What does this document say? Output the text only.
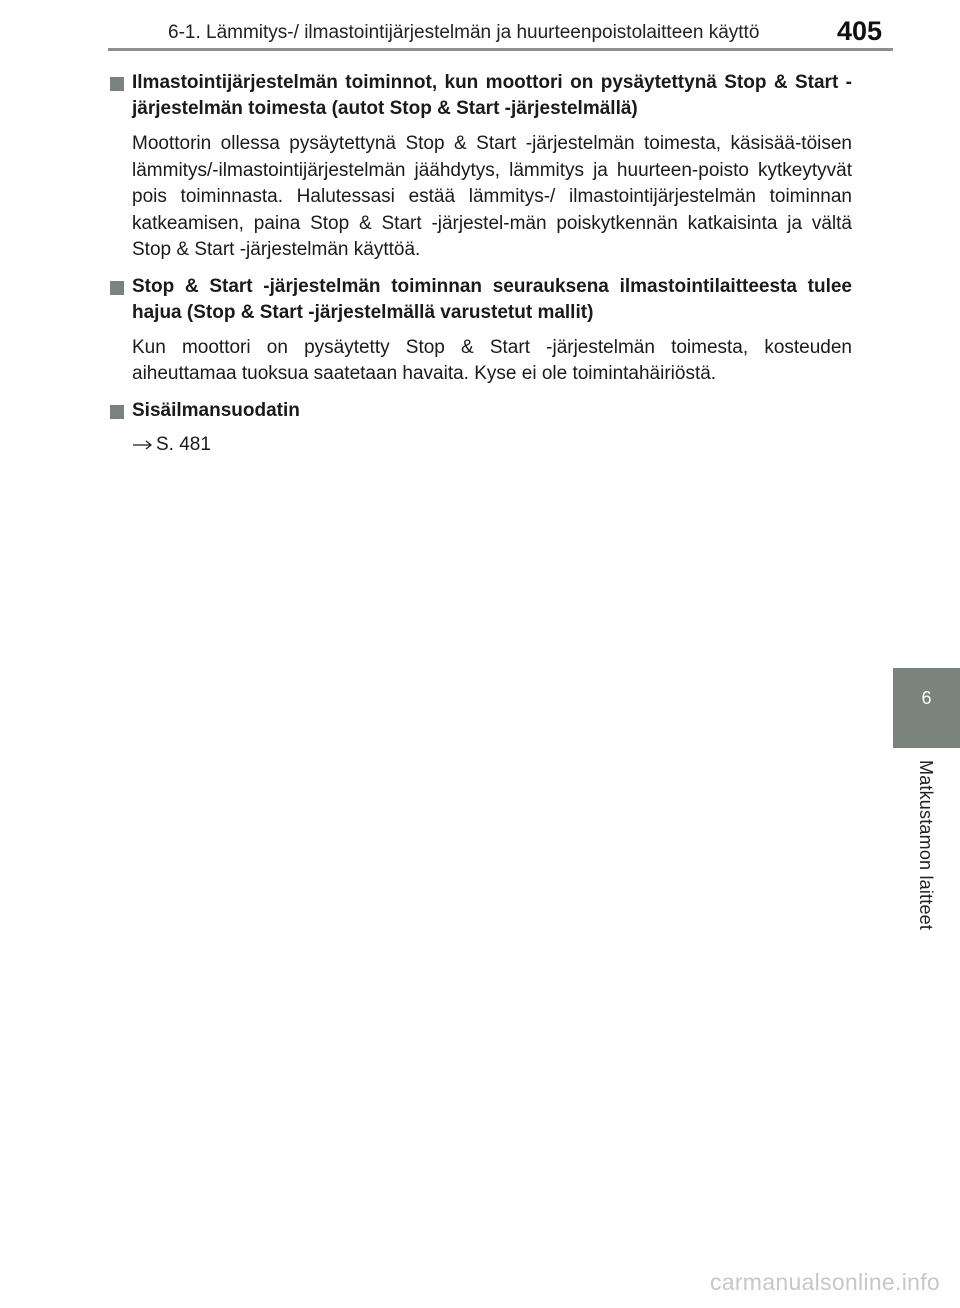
6-1. Lämmitys-/ ilmastointijärjestelmän ja huurteenpoistolaitteen käyttö	405
6
Matkustamon laitteet
Ilmastointijärjestelmän toiminnot, kun moottori on pysäytettynä Stop & Start -järjestelmän toimesta (autot Stop & Start -järjestelmällä)
Moottorin ollessa pysäytettynä Stop & Start -järjestelmän toimesta, käsisää-töisen lämmitys/-ilmastointijärjestelmän jäähdytys, lämmitys ja huurteen-poisto kytkeytyvät pois toiminnasta. Halutessasi estää lämmitys-/ ilmastointijärjestelmän toiminnan katkeamisen, paina Stop & Start -järjestel-män poiskytkennän katkaisinta ja vältä Stop & Start -järjestelmän käyttöä.
Stop & Start -järjestelmän toiminnan seurauksena ilmastointilaitteesta tulee hajua (Stop & Start -järjestelmällä varustetut mallit)
Kun moottori on pysäytetty Stop & Start -järjestelmän toimesta, kosteuden aiheuttamaa tuoksua saatetaan havaita. Kyse ei ole toimintahäiriöstä.
Sisäilmansuodatin
S. 481
carmanualsonline.info
